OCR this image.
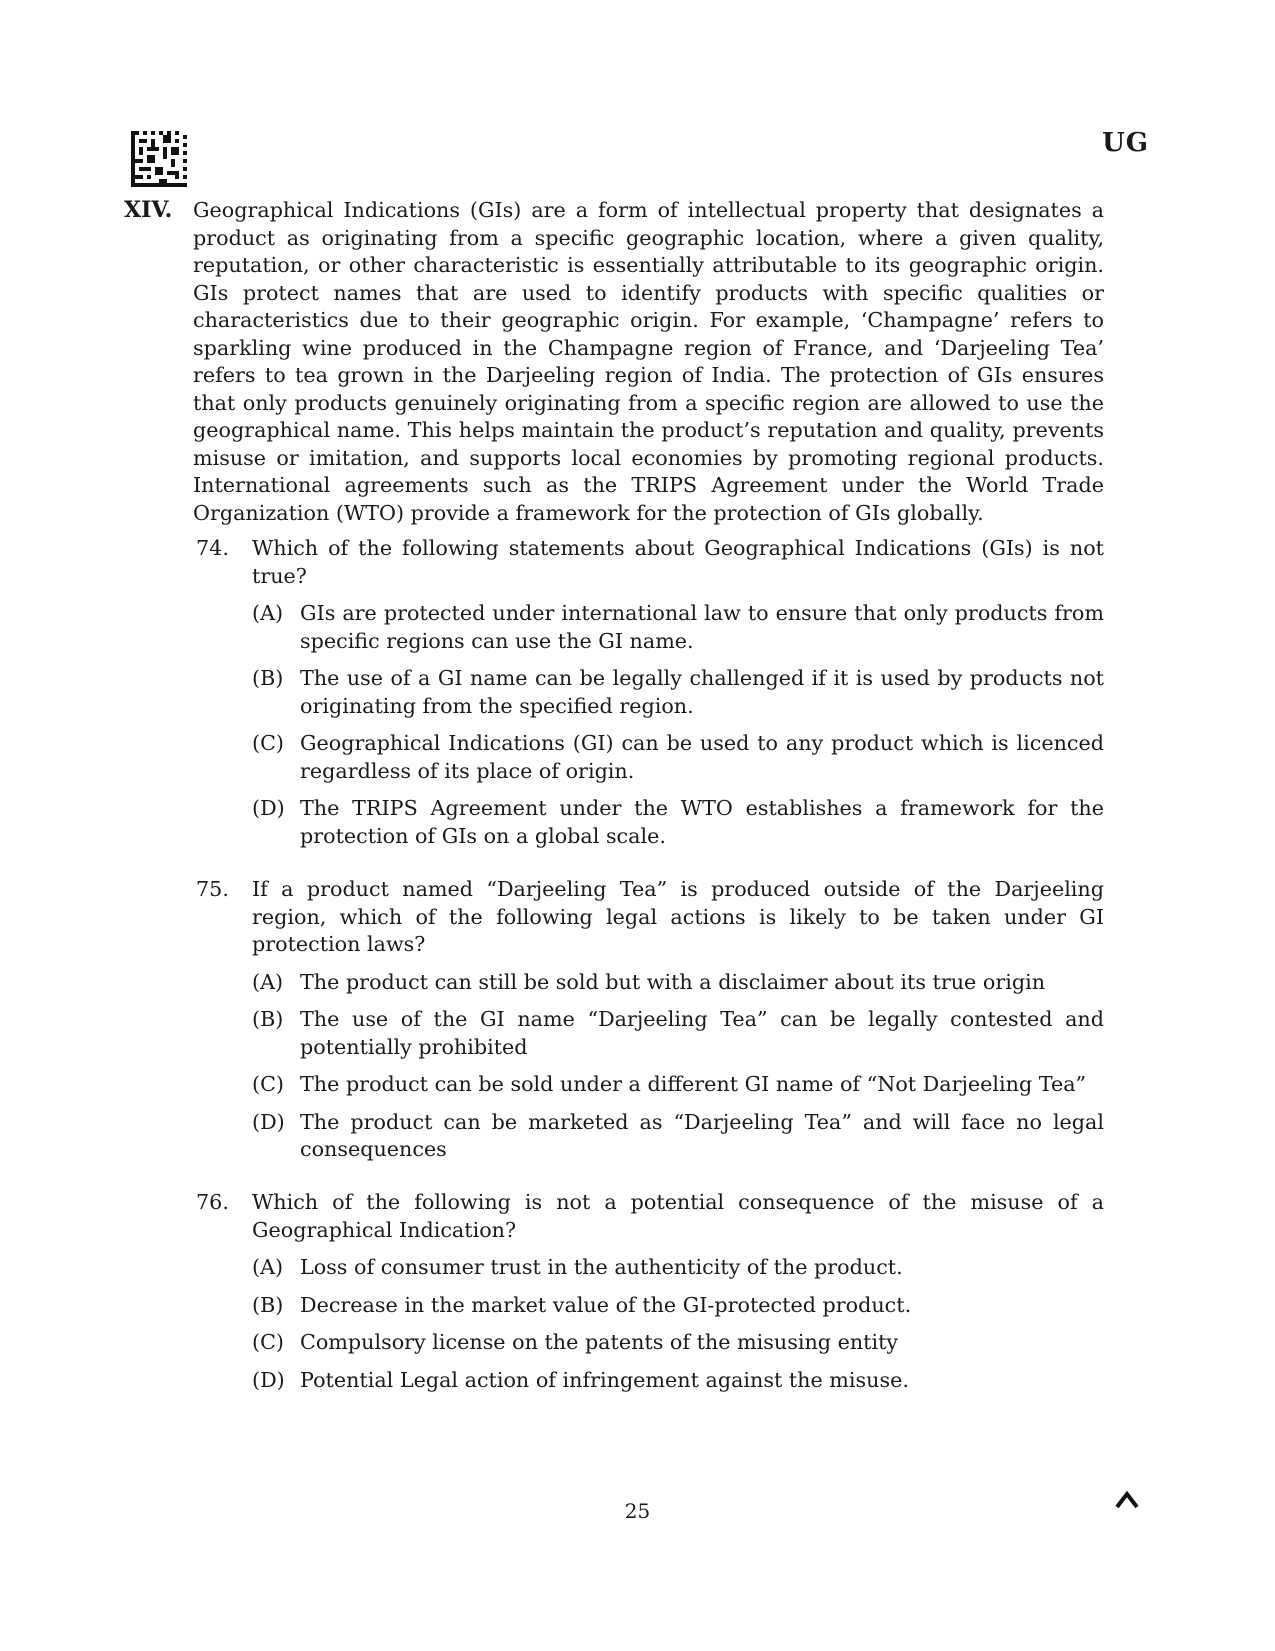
UG
XIV. Geographical Indications (GIs) are a form of intellectual property that designates a product as originating from a specific geographic location, where a given quality, reputation, or other characteristic is essentially attributable to its geographic origin. GIs protect names that are used to identify products with specific qualities or characteristics due to their geographic origin. For example, ‘Champagne’ refers to sparkling wine produced in the Champagne region of France, and ‘Darjeeling Tea’ refers to tea grown in the Darjeeling region of India. The protection of GIs ensures that only products genuinely originating from a specific region are allowed to use the geographical name. This helps maintain the product’s reputation and quality, prevents misuse or imitation, and supports local economies by promoting regional products. International agreements such as the TRIPS Agreement under the World Trade Organization (WTO) provide a framework for the protection of GIs globally.
74. Which of the following statements about Geographical Indications (GIs) is not true?
(A) GIs are protected under international law to ensure that only products from specific regions can use the GI name.
(B) The use of a GI name can be legally challenged if it is used by products not originating from the specified region.
(C) Geographical Indications (GI) can be used to any product which is licenced regardless of its place of origin.
(D) The TRIPS Agreement under the WTO establishes a framework for the protection of GIs on a global scale.
75. If a product named “Darjeeling Tea” is produced outside of the Darjeeling region, which of the following legal actions is likely to be taken under GI protection laws?
(A) The product can still be sold but with a disclaimer about its true origin
(B) The use of the GI name “Darjeeling Tea” can be legally contested and potentially prohibited
(C) The product can be sold under a different GI name of “Not Darjeeling Tea”
(D) The product can be marketed as “Darjeeling Tea” and will face no legal consequences
76. Which of the following is not a potential consequence of the misuse of a Geographical Indication?
(A) Loss of consumer trust in the authenticity of the product.
(B) Decrease in the market value of the GI-protected product.
(C) Compulsory license on the patents of the misusing entity
(D) Potential Legal action of infringement against the misuse.
25
